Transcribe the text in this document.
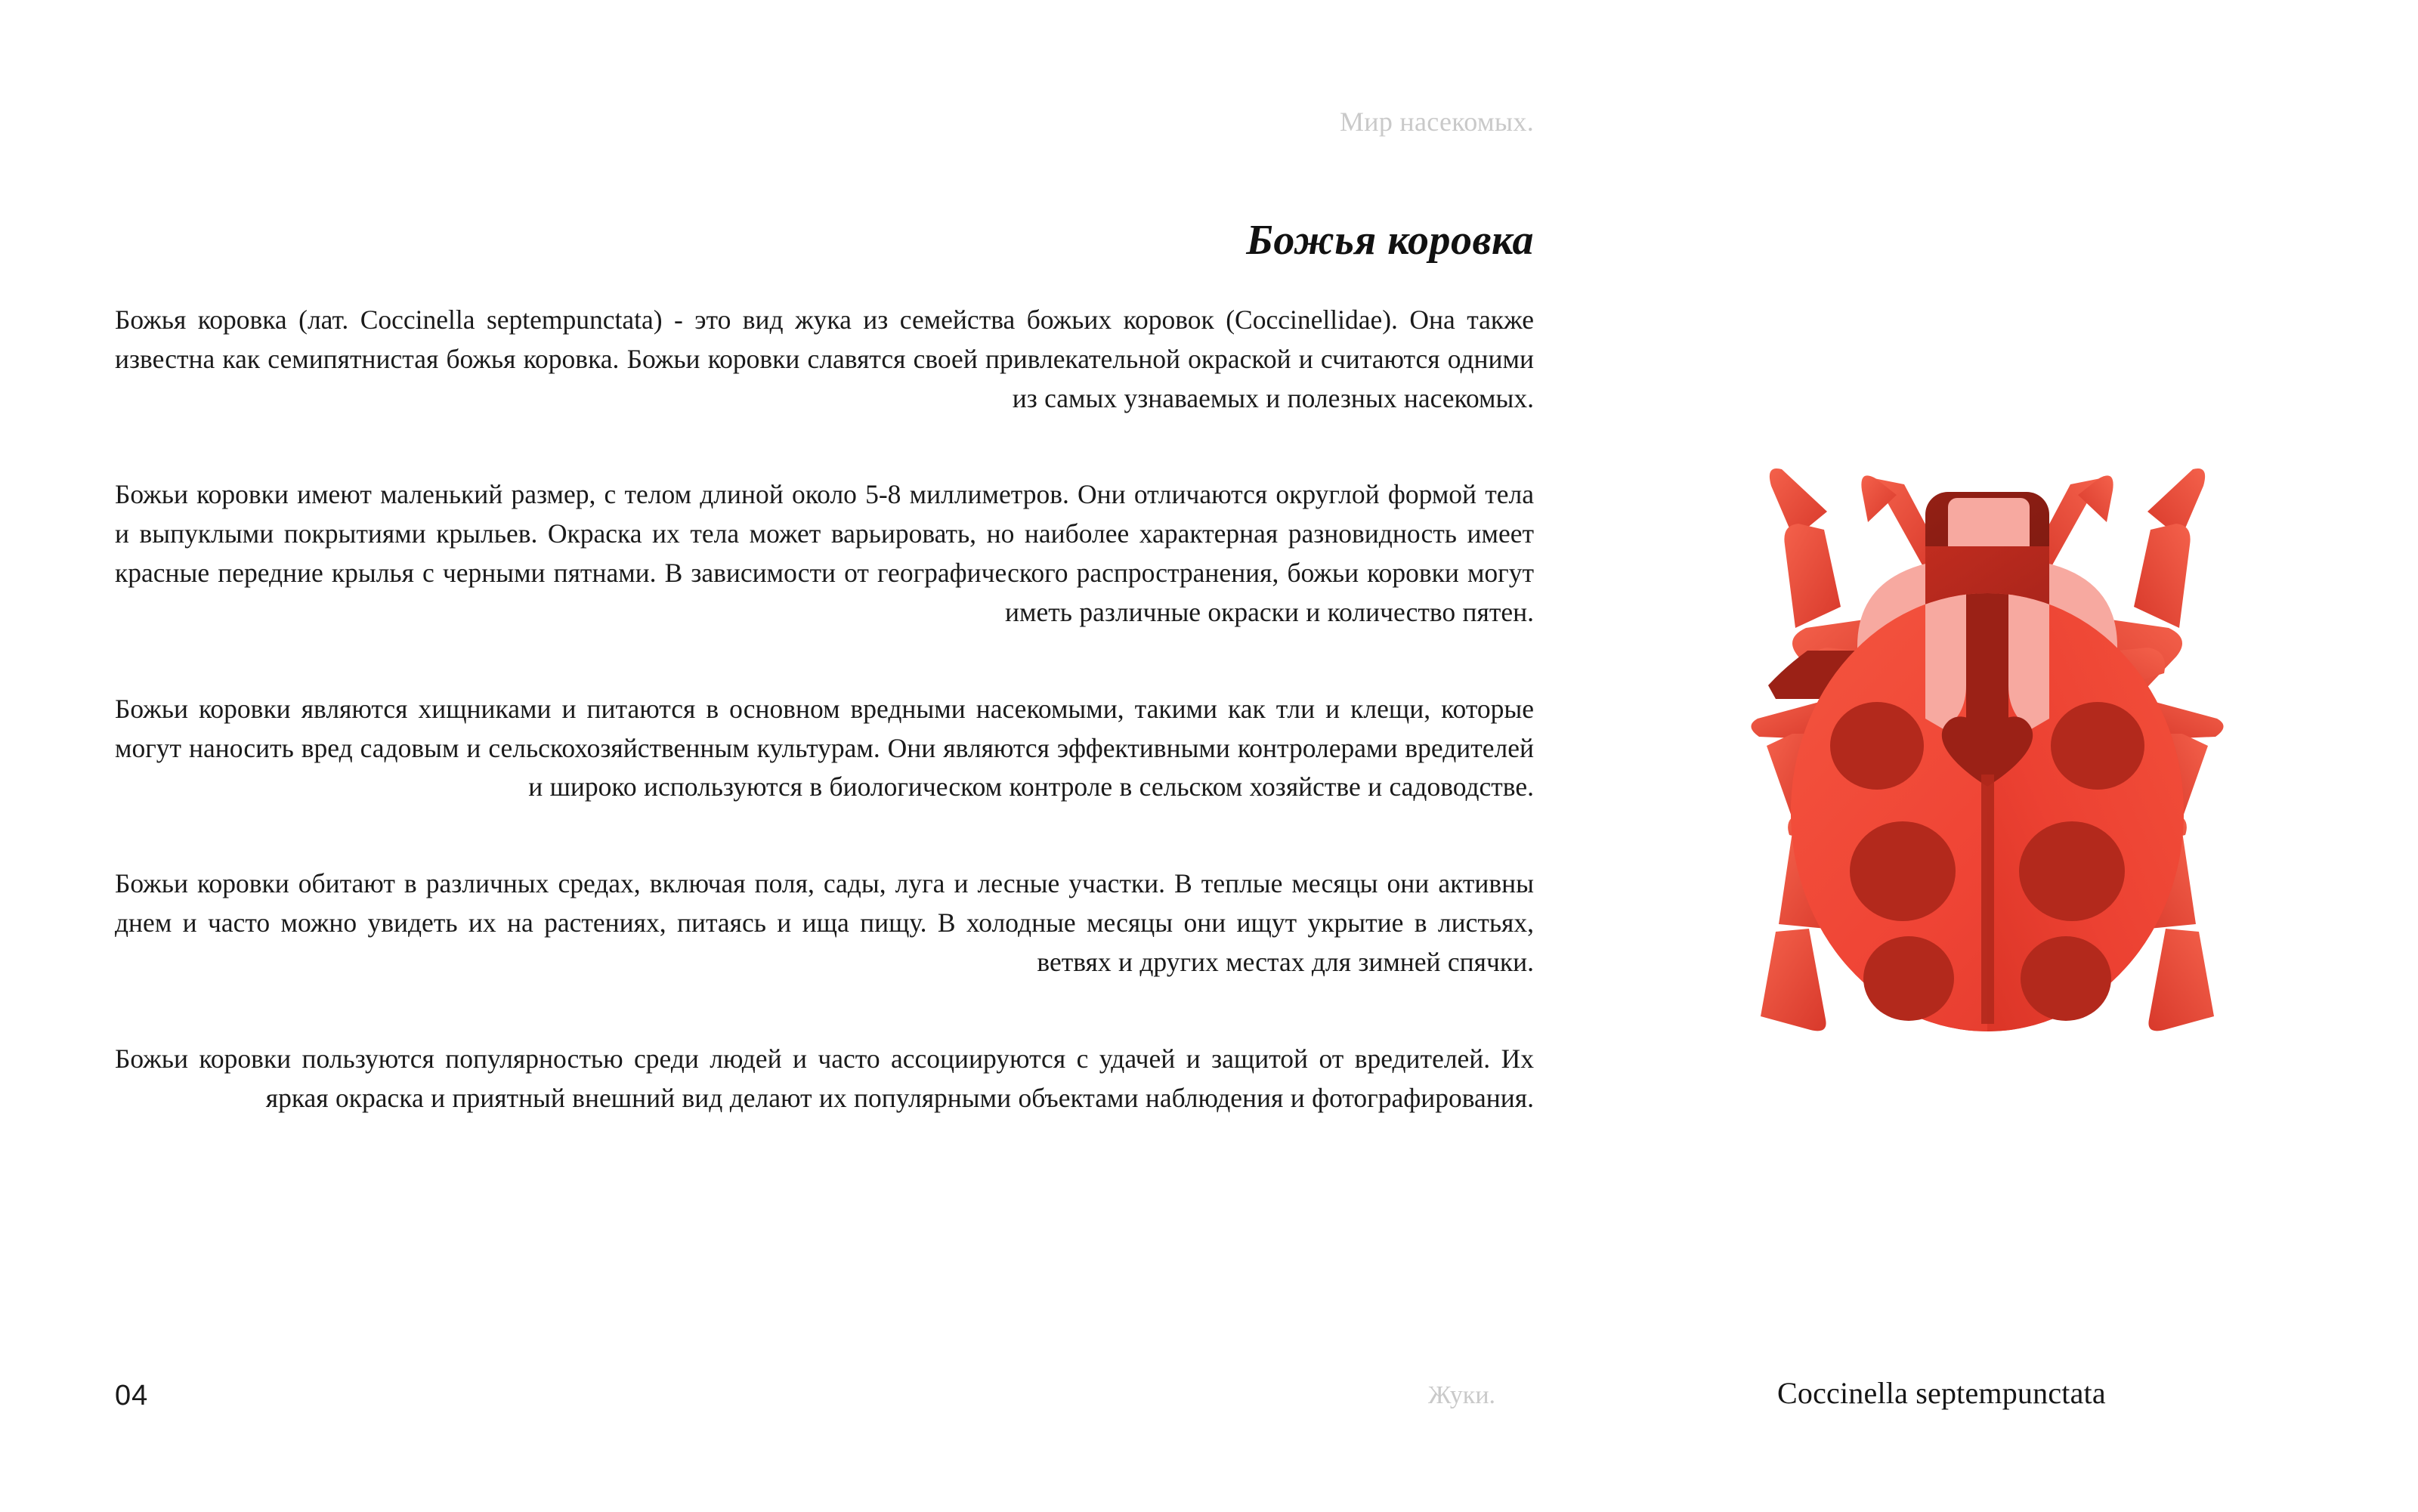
Мир насекомых.
Божья коровка

Божья коровка (лат. Coccinella septempunctata) - это вид жука из семейства божьих коровок (Coccinellidae). Она также известна как семипятнистая божья коровка. Божьи коровки славятся своей привлекательной окраской и считаются одними из самых узнаваемых и полезных насекомых.

Божьи коровки имеют маленький размер, с телом длиной около 5-8 миллиметров. Они отличаются округлой формой тела и выпуклыми покрытиями крыльев. Окраска их тела может варьировать, но наиболее характерная разновидность имеет красные передние крылья с черными пятнами. В зависимости от географического распространения, божьи коровки могут иметь различные окраски и количество пятен.

Божьи коровки являются хищниками и питаются в основном вредными насекомыми, такими как тли и клещи, которые могут наносить вред садовым и сельскохозяйственным культурам. Они являются эффективными контролерами вредителей и широко используются в биологическом контроле в сельском хозяйстве и садоводстве.

Божьи коровки обитают в различных средах, включая поля, сады, луга и лесные участки. В теплые месяцы они активны днем и часто можно увидеть их на растениях, питаясь и ища пищу. В холодные месяцы они ищут укрытие в листьях, ветвях и других местах для зимней спячки.

Божьи коровки пользуются популярностью среди людей и часто ассоциируются с удачей и защитой от вредителей. Их яркая окраска и приятный внешний вид делают их популярными объектами наблюдения и фотографирования.

04	Жуки.	Coccinella septempunctata
